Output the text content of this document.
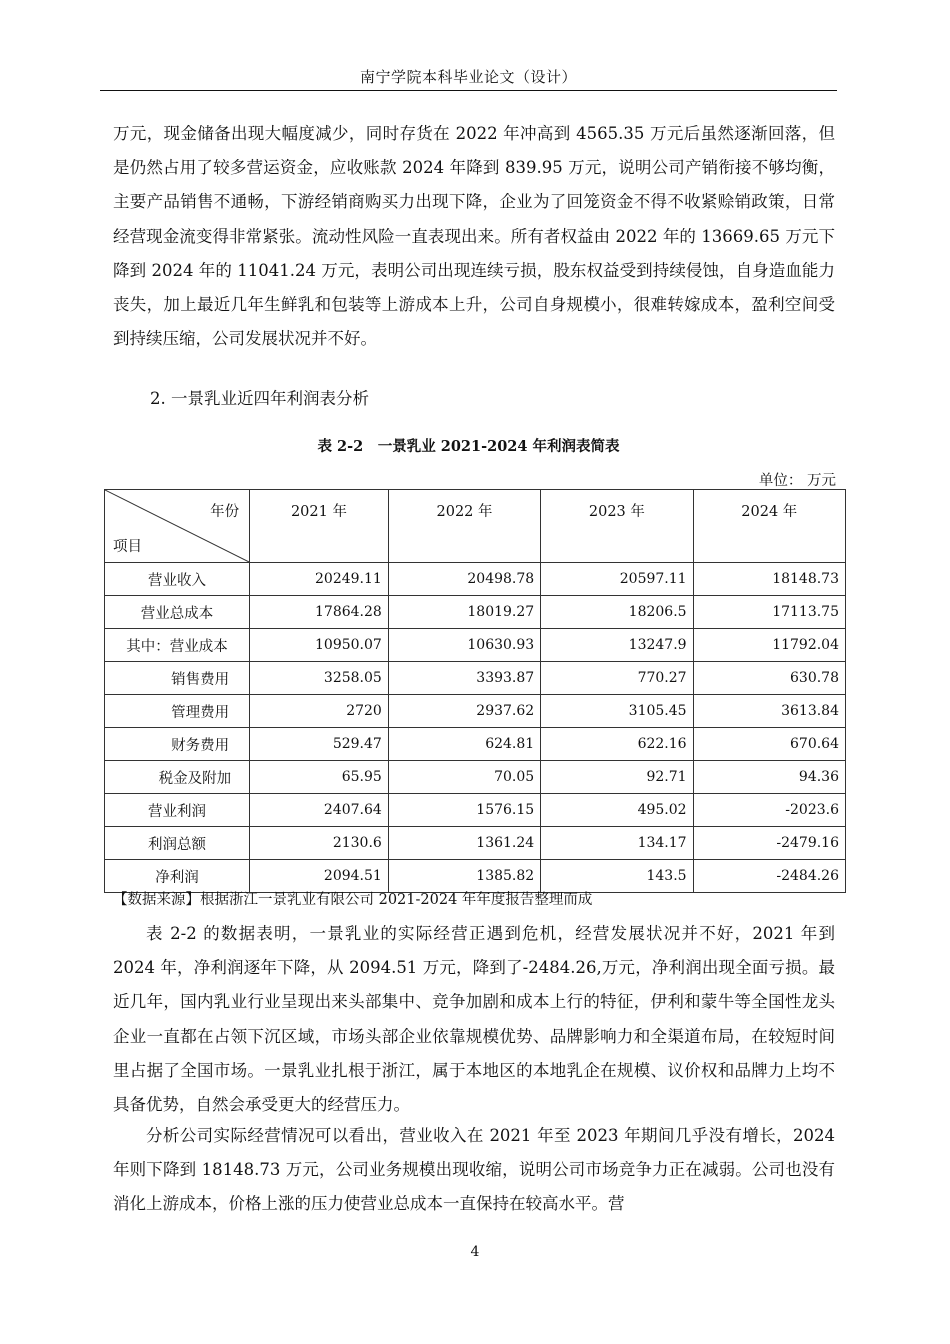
南宁学院本科毕业论文（设计）

万元，现金储备出现大幅度减少，同时存货在 2022 年冲高到 4565.35 万元后虽然逐渐回落，但是仍然占用了较多营运资金，应收账款 2024 年降到 839.95 万元，说明公司产销衔接不够均衡，主要产品销售不通畅，下游经销商购买力出现下降，企业为了回笼资金不得不收紧赊销政策，日常经营现金流变得非常紧张。流动性风险一直表现出来。所有者权益由 2022 年的 13669.65 万元下降到 2024 年的 11041.24 万元，表明公司出现连续亏损，股东权益受到持续侵蚀，自身造血能力丧失，加上最近几年生鲜乳和包装等上游成本上升，公司自身规模小，很难转嫁成本，盈利空间受到持续压缩，公司发展状况并不好。

2. 一景乳业近四年利润表分析
表 2-2　一景乳业 2021-2024 年利润表简表
单位： 万元
年份
项目	2021 年	2022 年	2023 年	2024 年
营业收入	20249.11	20498.78	20597.11	18148.73
营业总成本	17864.28	18019.27	18206.5	17113.75
其中：营业成本	10950.07	10630.93	13247.9	11792.04
销售费用	3258.05	3393.87	770.27	630.78
管理费用	2720	2937.62	3105.45	3613.84
财务费用	529.47	624.81	622.16	670.64
税金及附加	65.95	70.05	92.71	94.36
营业利润	2407.64	1576.15	495.02	-2023.6
利润总额	2130.6	1361.24	134.17	-2479.16
净利润	2094.51	1385.82	143.5	-2484.26
【数据来源】根据浙江一景乳业有限公司 2021-2024 年年度报告整理而成

表 2-2 的数据表明，一景乳业的实际经营正遇到危机，经营发展状况并不好，2021 年到 2024 年，净利润逐年下降，从 2094.51 万元，降到了-2484.26,万元，净利润出现全面亏损。最近几年，国内乳业行业呈现出来头部集中、竞争加剧和成本上行的特征，伊利和蒙牛等全国性龙头企业一直都在占领下沉区域，市场头部企业依靠规模优势、品牌影响力和全渠道布局，在较短时间里占据了全国市场。一景乳业扎根于浙江，属于本地区的本地乳企在规模、议价权和品牌力上均不具备优势，自然会承受更大的经营压力。

分析公司实际经营情况可以看出，营业收入在 2021 年至 2023 年期间几乎没有增长，2024 年则下降到 18148.73 万元，公司业务规模出现收缩，说明公司市场竞争力正在减弱。公司也没有消化上游成本，价格上涨的压力使营业总成本一直保持在较高水平。营

4
